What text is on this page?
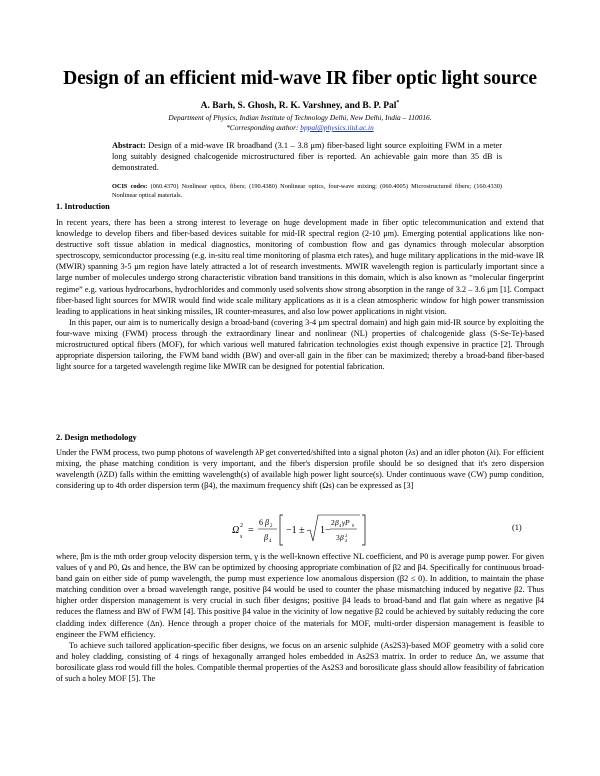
Design of an efficient mid-wave IR fiber optic light source
A. Barh, S. Ghosh, R. K. Varshney, and B. P. Pal*
Department of Physics, Indian Institute of Technology Delhi, New Delhi, India – 110016.
*Corresponding author: bppal@physics.iitd.ac.in
Abstract: Design of a mid-wave IR broadband (3.1 – 3.8 μm) fiber-based light source exploiting FWM in a meter long suitably designed chalcogenide microstructured fiber is reported. An achievable gain more than 35 dB is demonstrated.
OCIS codes: (060.4370) Nonlinear optics, fibers; (190.4380) Nonlinear optics, four-wave mixing; (060.4005) Microstructured fibers; (160.4330) Nonlinear optical materials.
1. Introduction

In recent years, there has been a strong interest to leverage on huge development made in fiber optic telecommunication and extend that knowledge to develop fibers and fiber-based devices suitable for mid-IR spectral region (2-10 μm). Emerging potential applications like non-destructive soft tissue ablation in medical diagnostics, monitoring of combustion flow and gas dynamics through molecular absorption spectroscopy, semiconductor processing (e.g. in-situ real time monitoring of plasma etch rates), and huge military applications in the mid-wave IR (MWIR) spanning 3-5 μm region have lately attracted a lot of research investments. MWIR wavelength region is particularly important since a large number of molecules undergo strong characteristic vibration band transitions in this domain, which is also known as “molecular fingerprint regime” e.g. various hydrocarbons, hydrochlorides and commonly used solvents show strong absorption in the range of 3.2 – 3.6 μm [1]. Compact fiber-based light sources for MWIR would find wide scale military applications as it is a clean atmospheric window for high power transmission leading to applications in heat sinking missiles, IR counter-measures, and also low power applications in night vision.

In this paper, our aim is to numerically design a broad-band (covering 3-4 μm spectral domain) and high gain mid-IR source by exploiting the four-wave mixing (FWM) process through the extraordinary linear and nonlinear (NL) properties of chalcogenide glass (S-Se-Te)-based microstructured optical fibers (MOF), for which various well matured fabrication technologies exist though expensive in practice [2]. Through appropriate dispersion tailoring, the FWM band width (BW) and over-all gain in the fiber can be maximized; thereby a broad-band fiber-based light source for a targeted wavelength regime like MWIR can be designed for potential fabrication.

2. Design methodology

Under the FWM process, two pump photons of wavelength λP get converted/shifted into a signal photon (λs) and an idler photon (λi). For efficient mixing, the phase matching condition is very important, and the fiber's dispersion profile should be so designed that it's zero dispersion wavelength (λZD) falls within the emitting wavelength(s) of available high power light source(s). Under continuous wave (CW) pump condition, considering up to 4th order dispersion term (β4), the maximum frequency shift (Ωs) can be expressed as [3]

Ω 2
s
=
6 β 2
β 4
−1 ± 1−
2 β 4 γP 0
3 β 2
2
(1)

where, βm is the mth order group velocity dispersion term, γ is the well-known effective NL coefficient, and P0 is average pump power. For given values of γ and P0, Ωs and hence, the BW can be optimized by choosing appropriate combination of β2 and β4. Specifically for continuous broad-band gain on either side of pump wavelength, the pump must experience low anomalous dispersion (β2 ≤ 0). In addition, to maintain the phase matching condition over a broad wavelength range, positive β4 would be used to counter the phase mismatching induced by negative β2. Thus higher order dispersion management is very crucial in such fiber designs; positive β4 leads to broad-band and flat gain where as negative β4 reduces the flatness and BW of FWM [4]. This positive β4 value in the vicinity of low negative β2 could be achieved by suitably reducing the core cladding index difference (Δn). Hence through a proper choice of the materials for MOF, multi-order dispersion management is feasible to engineer the FWM efficiency.

To achieve such tailored application-specific fiber designs, we focus on an arsenic sulphide (As2S3)-based MOF geometry with a solid core and holey cladding, consisting of 4 rings of hexagonally arranged holes embedded in As2S3 matrix. In order to reduce Δn, we assume that borosilicate glass rod would fill the holes. Compatible thermal properties of the As2S3 and borosilicate glass should allow feasibility of fabrication of such a holey MOF [5]. The
